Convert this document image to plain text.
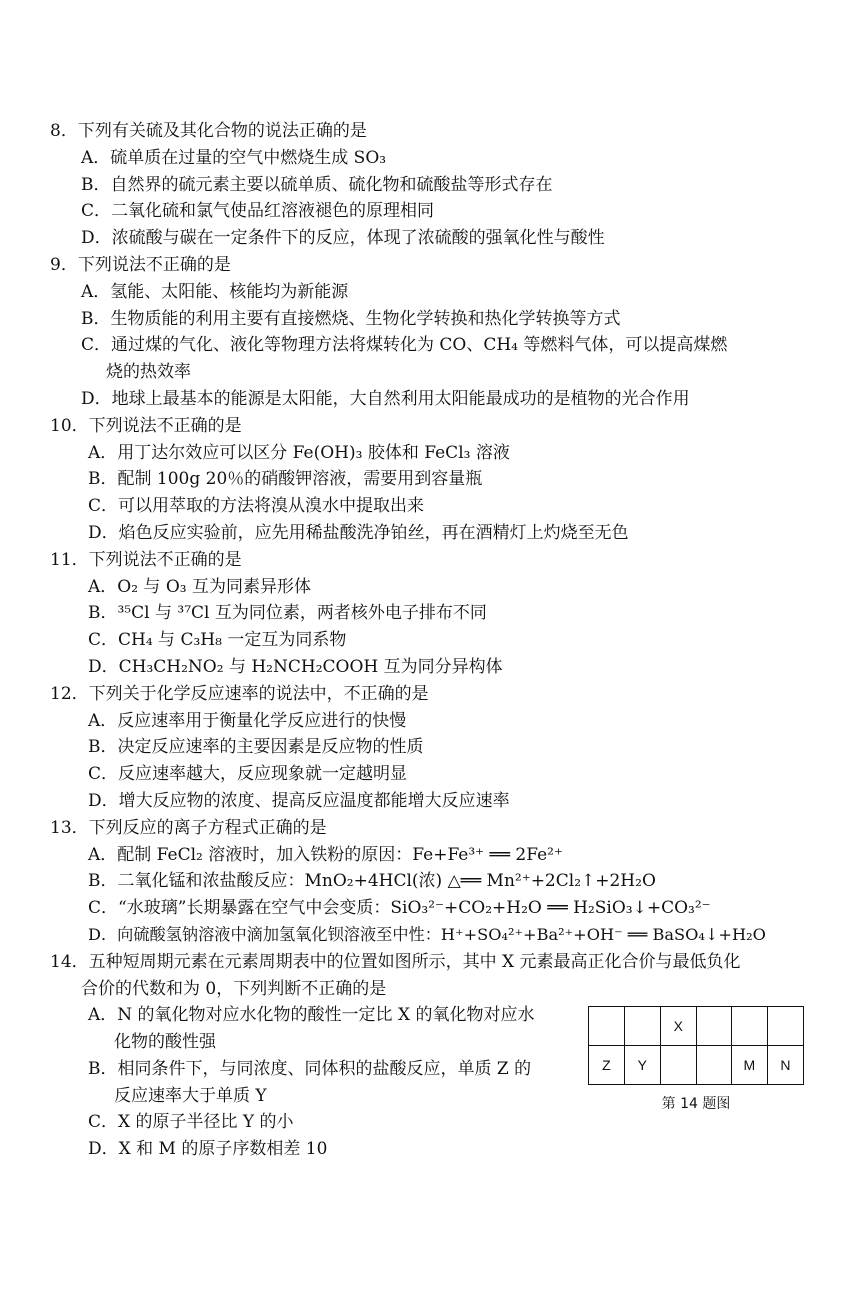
8．下列有关硫及其化合物的说法正确的是
A．硫单质在过量的空气中燃烧生成 SO₃
B．自然界的硫元素主要以硫单质、硫化物和硫酸盐等形式存在
C．二氧化硫和氯气使品红溶液褪色的原理相同
D．浓硫酸与碳在一定条件下的反应，体现了浓硫酸的强氧化性与酸性
9．下列说法不正确的是
A．氢能、太阳能、核能均为新能源
B．生物质能的利用主要有直接燃烧、生物化学转换和热化学转换等方式
C．通过煤的气化、液化等物理方法将煤转化为 CO、CH₄ 等燃料气体，可以提高煤燃
烧的热效率
D．地球上最基本的能源是太阳能，大自然利用太阳能最成功的是植物的光合作用
10．下列说法不正确的是
A．用丁达尔效应可以区分 Fe(OH)₃ 胶体和 FeCl₃ 溶液
B．配制 100g 20％的硝酸钾溶液，需要用到容量瓶
C．可以用萃取的方法将溴从溴水中提取出来
D．焰色反应实验前，应先用稀盐酸洗净铂丝，再在酒精灯上灼烧至无色
11．下列说法不正确的是
A．O₂ 与 O₃ 互为同素异形体
B．³⁵Cl 与 ³⁷Cl 互为同位素，两者核外电子排布不同
C．CH₄ 与 C₃H₈ 一定互为同系物
D．CH₃CH₂NO₂ 与 H₂NCH₂COOH 互为同分异构体
12．下列关于化学反应速率的说法中，不正确的是
A．反应速率用于衡量化学反应进行的快慢
B．决定反应速率的主要因素是反应物的性质
C．反应速率越大，反应现象就一定越明显
D．增大反应物的浓度、提高反应温度都能增大反应速率
13．下列反应的离子方程式正确的是
A．配制 FeCl₂ 溶液时，加入铁粉的原因：Fe+Fe³⁺ ══ 2Fe²⁺
B．二氧化锰和浓盐酸反应：MnO₂+4HCl(浓) △══ Mn²⁺+2Cl₂↑+2H₂O
C．“水玻璃”长期暴露在空气中会变质：SiO₃²⁻+CO₂+H₂O ══ H₂SiO₃↓+CO₃²⁻
D．向硫酸氢钠溶液中滴加氢氧化钡溶液至中性：H⁺+SO₄²⁺+Ba²⁺+OH⁻ ══ BaSO₄↓+H₂O
14．五种短周期元素在元素周期表中的位置如图所示，其中 X 元素最高正化合价与最低负化
合价的代数和为 0，下列判断不正确的是
A．N 的氧化物对应水化物的酸性一定比 X 的氧化物对应水
化物的酸性强
B．相同条件下，与同浓度、同体积的盐酸反应，单质 Z 的
反应速率大于单质 Y
C．X 的原子半径比 Y 的小
D．X 和 M 的原子序数相差 10
		X			
Z	Y			M	N
第 14 题图
